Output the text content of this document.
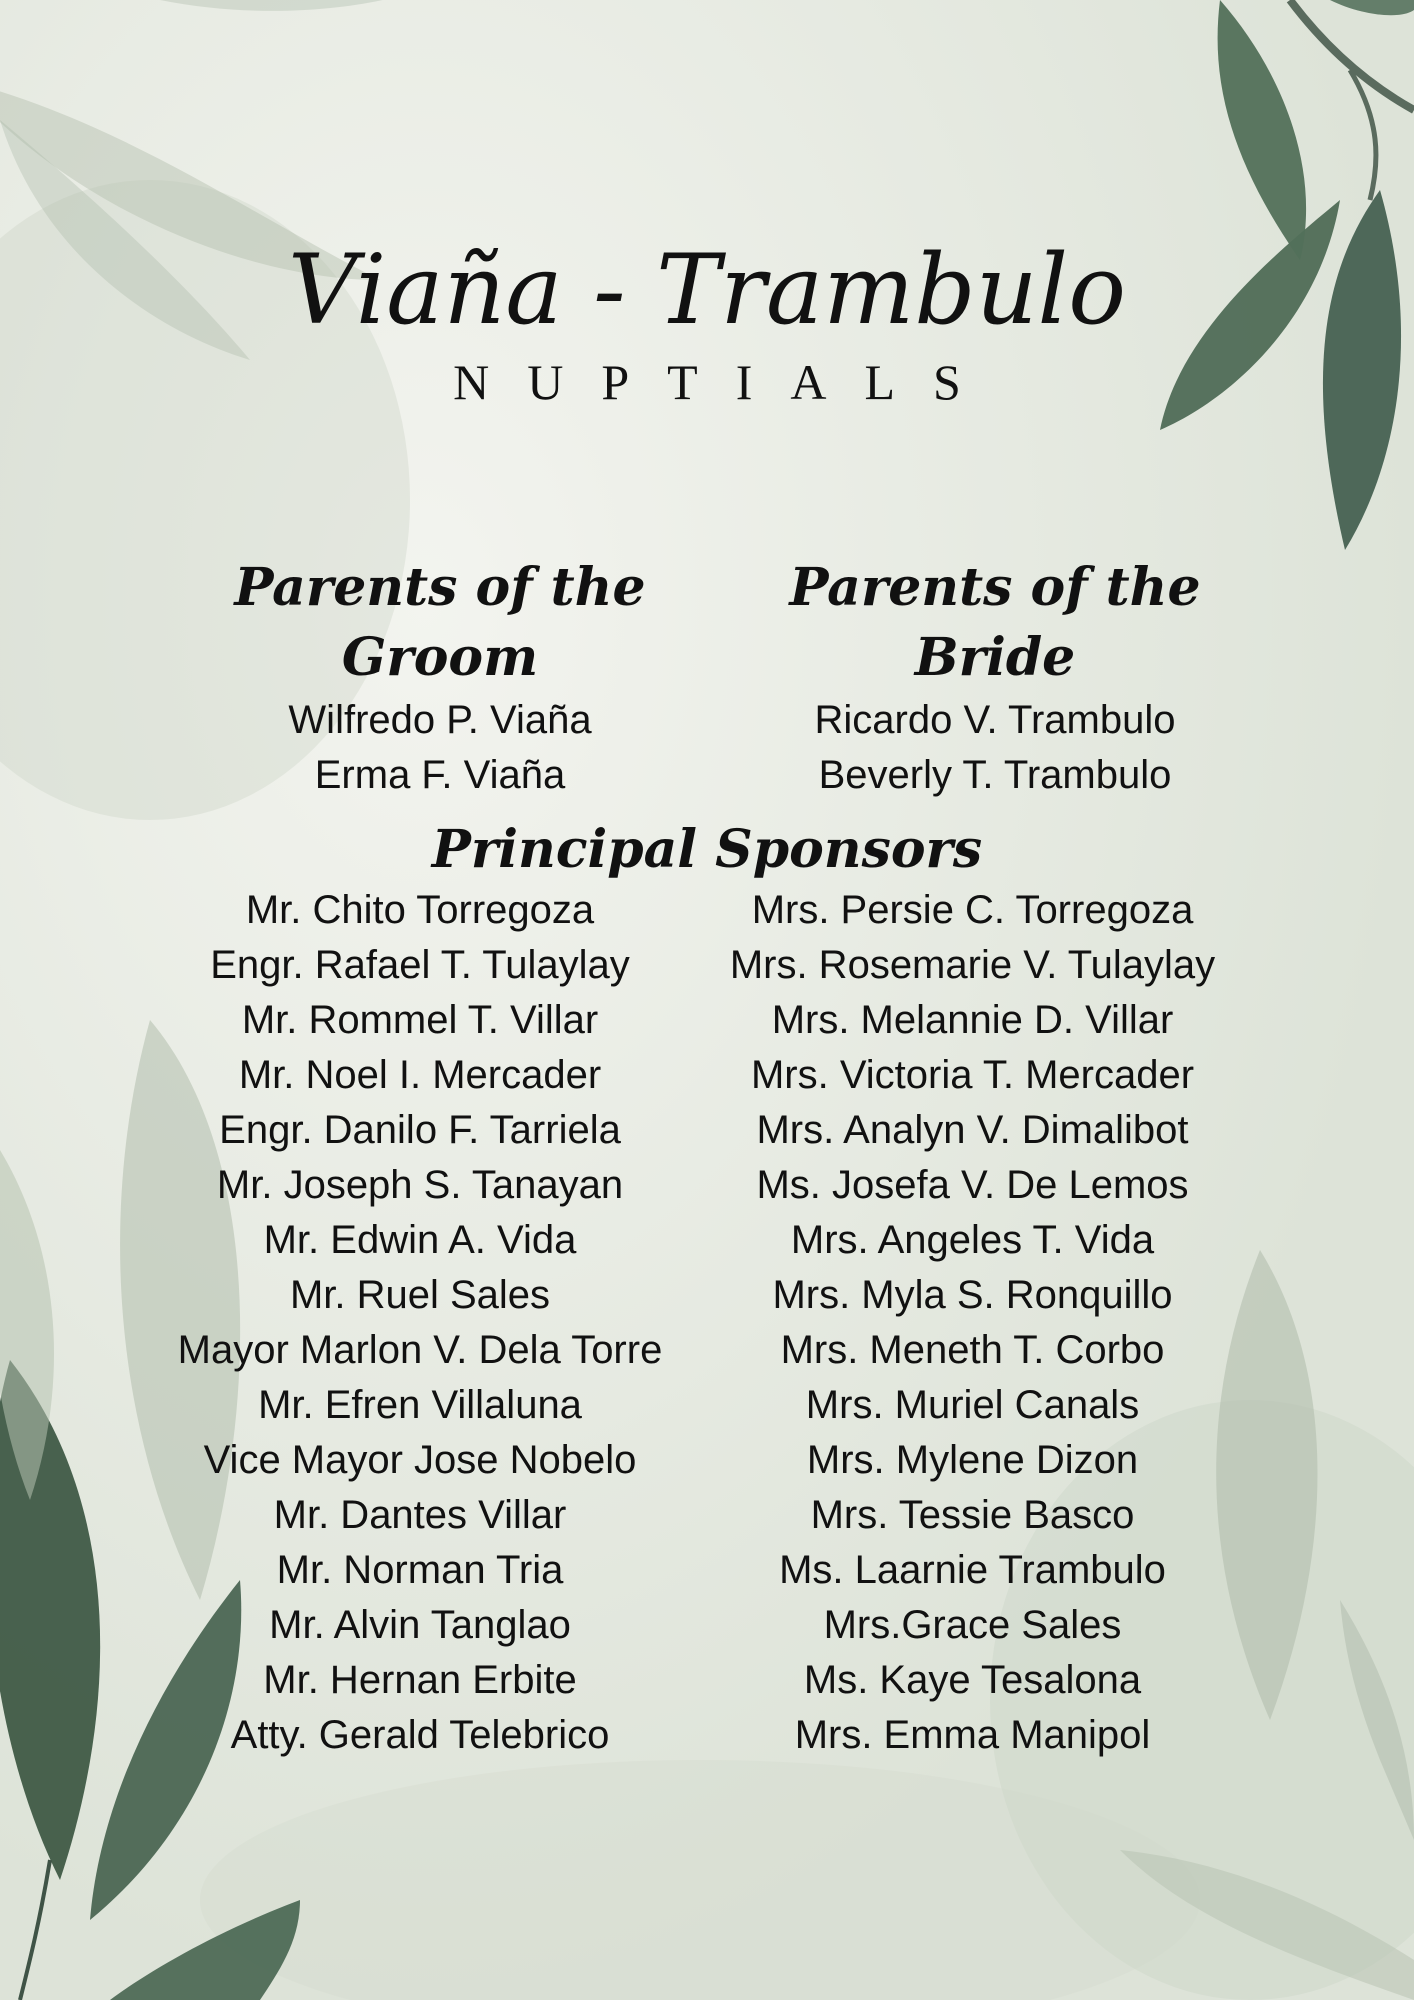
Viaña - Trambulo
NUPTIALS
Parents of the Groom

Wilfredo P. Viaña

Erma F. Viaña

Parents of the Bride

Ricardo V. Trambulo

Beverly T. Trambulo

Principal Sponsors

Mr. Chito Torregoza

Engr. Rafael T. Tulaylay

Mr. Rommel T. Villar

Mr. Noel I. Mercader

Engr. Danilo F. Tarriela

Mr. Joseph S. Tanayan

Mr. Edwin A. Vida

Mr. Ruel Sales

Mayor Marlon V. Dela Torre

Mr. Efren Villaluna

Vice Mayor Jose Nobelo

Mr. Dantes Villar

Mr. Norman Tria

Mr. Alvin Tanglao

Mr. Hernan Erbite

Atty. Gerald Telebrico

Mrs. Persie C. Torregoza

Mrs. Rosemarie V. Tulaylay

Mrs. Melannie D. Villar

Mrs. Victoria T. Mercader

Mrs. Analyn V. Dimalibot

Ms. Josefa V. De Lemos

Mrs. Angeles T. Vida

Mrs. Myla S. Ronquillo

Mrs. Meneth T. Corbo

Mrs. Muriel Canals

Mrs. Mylene Dizon

Mrs. Tessie Basco

Ms. Laarnie Trambulo

Mrs.Grace Sales

Ms. Kaye Tesalona

Mrs. Emma Manipol
